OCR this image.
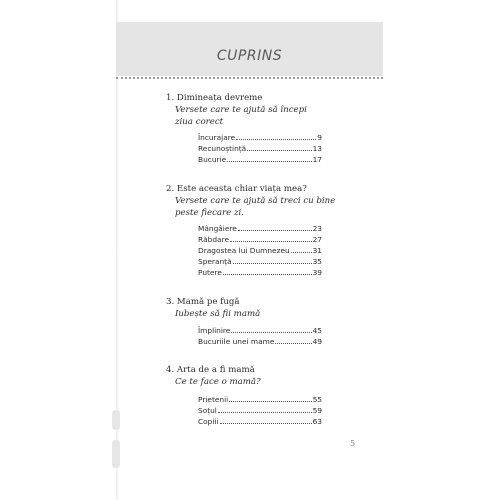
CUPRINS
1. Dimineața devreme
Versete care te ajută să începi
ziua corect
Încurajare	9
Recunoștință	13
Bucurie	17
2. Este aceasta chiar viața mea?
Versete care te ajută să treci cu bine
peste fiecare zi.
Mângâiere	23
Răbdare	27
Dragostea lui Dumnezeu	31
Speranță	35
Putere	39
3. Mamă pe fugă
Iubește să fii mamă
Împlinire	45
Bucuriile unei mame	49
4. Arta de a fi mamă
Ce te face o mamă?
Prietenii	55
Soțul	59
Copiii	63
5
